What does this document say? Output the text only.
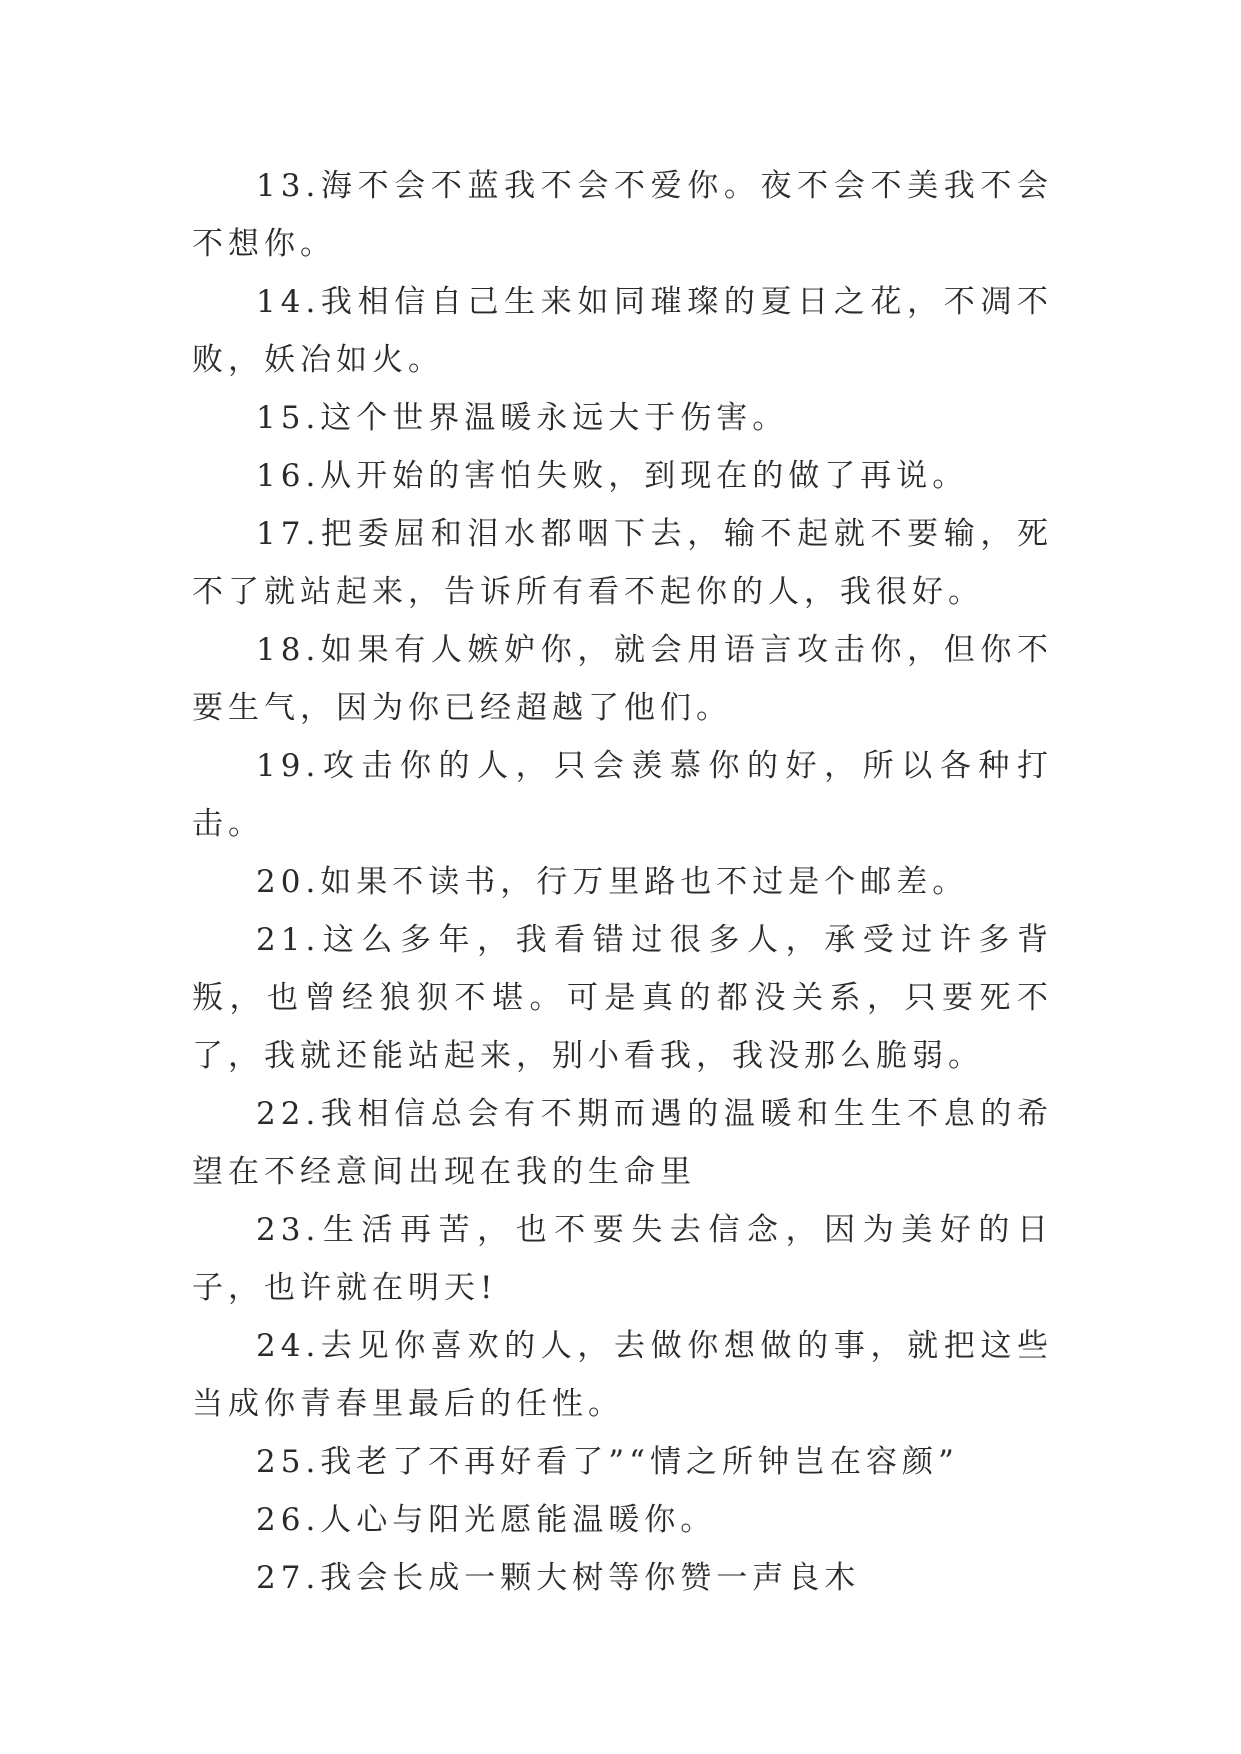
13.海不会不蓝我不会不爱你。夜不会不美我不会不想你。

14.我相信自己生来如同璀璨的夏日之花，不凋不败，妖冶如火。

15.这个世界温暖永远大于伤害。

16.从开始的害怕失败，到现在的做了再说。

17.把委屈和泪水都咽下去，输不起就不要输，死不了就站起来，告诉所有看不起你的人，我很好。

18.如果有人嫉妒你，就会用语言攻击你，但你不要生气，因为你已经超越了他们。

19.攻击你的人，只会羡慕你的好，所以各种打击。

20.如果不读书，行万里路也不过是个邮差。

21.这么多年，我看错过很多人，承受过许多背叛，也曾经狼狈不堪。可是真的都没关系，只要死不了，我就还能站起来，别小看我，我没那么脆弱。

22.我相信总会有不期而遇的温暖和生生不息的希望在不经意间出现在我的生命里

23.生活再苦，也不要失去信念，因为美好的日子，也许就在明天!

24.去见你喜欢的人，去做你想做的事，就把这些当成你青春里最后的任性。

25.我老了不再好看了”“情之所钟岂在容颜”

26.人心与阳光愿能温暖你。

27.我会长成一颗大树等你赞一声良木
